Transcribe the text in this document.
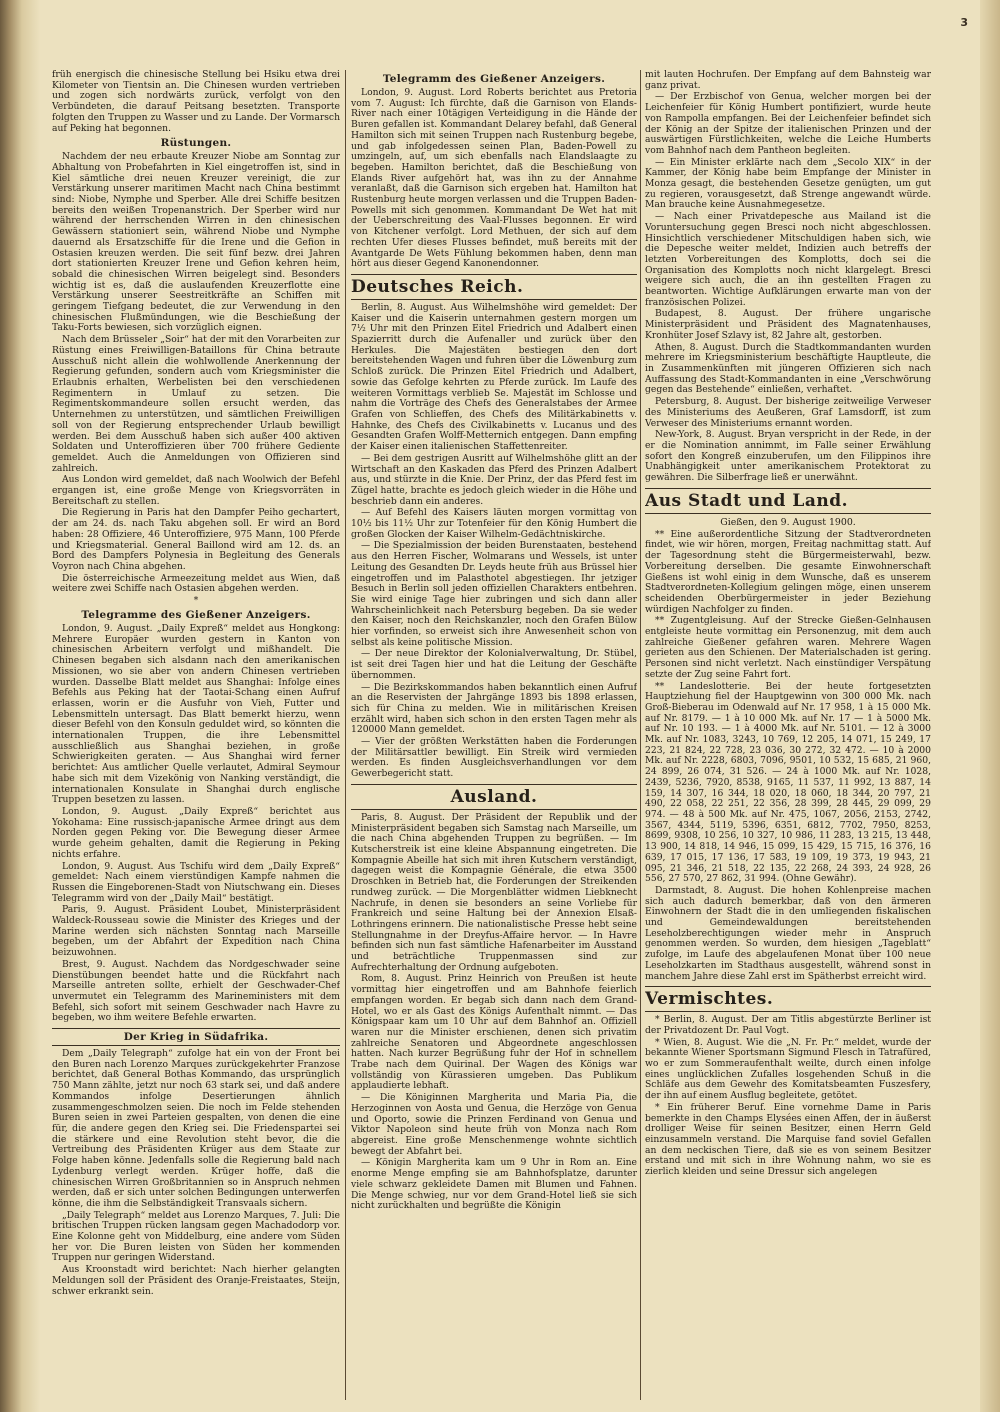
3

früh energisch die chinesische Stellung bei Hsiku etwa drei Kilometer von Tientsin an. Die Chinesen wurden vertrieben und zogen sich nordwärts zurück, verfolgt von den Verbündeten, die darauf Peitsang besetzten. Transporte folgten den Truppen zu Wasser und zu Lande. Der Vormarsch auf Peking hat begonnen.

Rüstungen.

Nachdem der neu erbaute Kreuzer Niobe am Sonntag zur Abhaltung von Probefahrten in Kiel eingetroffen ist, sind in Kiel sämtliche drei neuen Kreuzer vereinigt, die zur Verstärkung unserer maritimen Macht nach China bestimmt sind: Niobe, Nymphe und Sperber. Alle drei Schiffe besitzen bereits den weißen Tropenanstrich. Der Sperber wird nur während der herrschenden Wirren in den chinesischen Gewässern stationiert sein, während Niobe und Nymphe dauernd als Ersatzschiffe für die Irene und die Gefion in Ostasien kreuzen werden. Die seit fünf bezw. drei Jahren dort stationierten Kreuzer Irene und Gefion kehren heim, sobald die chinesischen Wirren beigelegt sind. Besonders wichtig ist es, daß die auslaufenden Kreuzerflotte eine Verstärkung unserer Seestreitkräfte an Schiffen mit geringem Tiefgang bedeutet, die zur Verwendung in den chinesischen Flußmündungen, wie die Beschießung der Taku-Forts bewiesen, sich vorzüglich eignen.

Nach dem Brüsseler „Soir“ hat der mit den Vorarbeiten zur Rüstung eines Freiwilligen-Bataillons für China betraute Ausschuß nicht allein die wohlwollende Anerkennung der Regierung gefunden, sondern auch vom Kriegsminister die Erlaubnis erhalten, Werbelisten bei den verschiedenen Regimentern in Umlauf zu setzen. Die Regimentskommandeure sollen ersucht werden, das Unternehmen zu unterstützen, und sämtlichen Freiwilligen soll von der Regierung entsprechender Urlaub bewilligt werden. Bei dem Ausschuß haben sich außer 400 aktiven Soldaten und Unteroffizieren über 700 frühere Gediente gemeldet. Auch die Anmeldungen von Offizieren sind zahlreich.

Aus London wird gemeldet, daß nach Woolwich der Befehl ergangen ist, eine große Menge von Kriegsvorräten in Bereitschaft zu stellen.

Die Regierung in Paris hat den Dampfer Peiho gechartert, der am 24. ds. nach Taku abgehen soll. Er wird an Bord haben: 28 Offiziere, 46 Unteroffiziere, 975 Mann, 100 Pferde und Kriegsmaterial. General Baillond wird am 12. ds. an Bord des Dampfers Polynesia in Begleitung des Generals Voyron nach China abgehen.

Die österreichische Armeezeitung meldet aus Wien, daß weitere zwei Schiffe nach Ostasien abgehen werden.

*
Telegramme des Gießener Anzeigers.

London, 9. August. „Daily Expreß“ meldet aus Hongkong: Mehrere Europäer wurden gestern in Kanton von chinesischen Arbeitern verfolgt und mißhandelt. Die Chinesen begaben sich alsdann nach den amerikanischen Missionen, wo sie aber von andern Chinesen vertrieben wurden. Dasselbe Blatt meldet aus Shanghai: Infolge eines Befehls aus Peking hat der Taotai-Schang einen Aufruf erlassen, worin er die Ausfuhr von Vieh, Futter und Lebensmitteln untersagt. Das Blatt bemerkt hierzu, wenn dieser Befehl von den Konsuln geduldet wird, so könnten die internationalen Truppen, die ihre Lebensmittel ausschließlich aus Shanghai beziehen, in große Schwierigkeiten geraten. — Aus Shanghai wird ferner berichtet: Aus amtlicher Quelle verlautet, Admiral Seymour habe sich mit dem Vizekönig von Nanking verständigt, die internationalen Konsulate in Shanghai durch englische Truppen besetzen zu lassen.

London, 9. August. „Daily Expreß“ berichtet aus Yokohama: Eine russisch-japanische Armee dringt aus dem Norden gegen Peking vor. Die Bewegung dieser Armee wurde geheim gehalten, damit die Regierung in Peking nichts erfahre.

London, 9. August. Aus Tschifu wird dem „Daily Expreß“ gemeldet: Nach einem vierstündigen Kampfe nahmen die Russen die Eingeborenen-Stadt von Niutschwang ein. Dieses Telegramm wird von der „Daily Mail“ bestätigt.

Paris, 9. August. Präsident Loubet, Ministerpräsident Waldeck-Rousseau sowie die Minister des Krieges und der Marine werden sich nächsten Sonntag nach Marseille begeben, um der Abfahrt der Expedition nach China beizuwohnen.

Brest, 9. August. Nachdem das Nordgeschwader seine Dienstübungen beendet hatte und die Rückfahrt nach Marseille antreten sollte, erhielt der Geschwader-Chef unvermutet ein Telegramm des Marineministers mit dem Befehl, sich sofort mit seinem Geschwader nach Havre zu begeben, wo ihm weitere Befehle erwarten.

Der Krieg in Südafrika.

Dem „Daily Telegraph“ zufolge hat ein von der Front bei den Buren nach Lorenzo Marques zurückgekehrter Franzose berichtet, daß General Bothas Kommando, das ursprünglich 750 Mann zählte, jetzt nur noch 63 stark sei, und daß andere Kommandos infolge Desertierungen ähnlich zusammengeschmolzen seien. Die noch im Felde stehenden Buren seien in zwei Parteien gespalten, von denen die eine für, die andere gegen den Krieg sei. Die Friedenspartei sei die stärkere und eine Revolution steht bevor, die die Vertreibung des Präsidenten Krüger aus dem Staate zur Folge haben könne. Jedenfalls solle die Regierung bald nach Lydenburg verlegt werden. Krüger hoffe, daß die chinesischen Wirren Großbritannien so in Anspruch nehmen werden, daß er sich unter solchen Bedingungen unterwerfen könne, die ihm die Selbständigkeit Transvaals sichern.

„Daily Telegraph“ meldet aus Lorenzo Marques, 7. Juli: Die britischen Truppen rücken langsam gegen Machadodorp vor. Eine Kolonne geht von Middelburg, eine andere vom Süden her vor. Die Buren leisten von Süden her kommenden Truppen nur geringen Widerstand.

Aus Kroonstadt wird berichtet: Nach hierher gelangten Meldungen soll der Präsident des Oranje-Freistaates, Steijn, schwer erkrankt sein.

Telegramm des Gießener Anzeigers.

London, 9. August. Lord Roberts berichtet aus Pretoria vom 7. August: Ich fürchte, daß die Garnison von Elands-River nach einer 10tägigen Verteidigung in die Hände der Buren gefallen ist. Kommandant Delarey befahl, daß General Hamilton sich mit seinen Truppen nach Rustenburg begebe, und gab infolgedessen seinen Plan, Baden-Powell zu umzingeln, auf, um sich ebenfalls nach Elandslaagte zu begeben. Hamilton berichtet, daß die Beschießung von Elands River aufgehört hat, was ihn zu der Annahme veranlaßt, daß die Garnison sich ergeben hat. Hamilton hat Rustenburg heute morgen verlassen und die Truppen Baden-Powells mit sich genommen. Kommandant De Wet hat mit der Ueberschreitung des Vaal-Flusses begonnen. Er wird von Kitchener verfolgt. Lord Methuen, der sich auf dem rechten Ufer dieses Flusses befindet, muß bereits mit der Avantgarde De Wets Fühlung bekommen haben, denn man hört aus dieser Gegend Kanonendonner.

Deutsches Reich.

Berlin, 8. August. Aus Wilhelmshöhe wird gemeldet: Der Kaiser und die Kaiserin unternahmen gestern morgen um 7½ Uhr mit den Prinzen Eitel Friedrich und Adalbert einen Spazierritt durch die Aufenaller und zurück über den Herkules. Die Majestäten bestiegen den dort bereitstehenden Wagen und fuhren über die Löwenburg zum Schloß zurück. Die Prinzen Eitel Friedrich und Adalbert, sowie das Gefolge kehrten zu Pferde zurück. Im Laufe des weiteren Vormittags verblieb Se. Majestät im Schlosse und nahm die Vorträge des Chefs des Generalstabes der Armee Grafen von Schlieffen, des Chefs des Militärkabinetts v. Hahnke, des Chefs des Civilkabinetts v. Lucanus und des Gesandten Grafen Wolff-Metternich entgegen. Dann empfing der Kaiser einen italienischen Staffettenreiter.

— Bei dem gestrigen Ausritt auf Wilhelmshöhe glitt an der Wirtschaft an den Kaskaden das Pferd des Prinzen Adalbert aus, und stürzte in die Knie. Der Prinz, der das Pferd fest im Zügel hatte, brachte es jedoch gleich wieder in die Höhe und beschrieb dann ein anderes.

— Auf Befehl des Kaisers läuten morgen vormittag von 10½ bis 11½ Uhr zur Totenfeier für den König Humbert die großen Glocken der Kaiser Wilhelm-Gedächtniskirche.

— Die Spezialmission der beiden Burenstaaten, bestehend aus den Herren Fischer, Wolmarans und Wessels, ist unter Leitung des Gesandten Dr. Leyds heute früh aus Brüssel hier eingetroffen und im Palasthotel abgestiegen. Ihr jetziger Besuch in Berlin soll jeden offiziellen Charakters entbehren. Sie wird einige Tage hier zubringen und sich dann aller Wahrscheinlichkeit nach Petersburg begeben. Da sie weder den Kaiser, noch den Reichskanzler, noch den Grafen Bülow hier vorfinden, so erweist sich ihre Anwesenheit schon von selbst als keine politische Mission.

— Der neue Direktor der Kolonialverwaltung, Dr. Stübel, ist seit drei Tagen hier und hat die Leitung der Geschäfte übernommen.

— Die Bezirkskommandos haben bekanntlich einen Aufruf an die Reservisten der Jahrgänge 1893 bis 1898 erlassen, sich für China zu melden. Wie in militärischen Kreisen erzählt wird, haben sich schon in den ersten Tagen mehr als 120000 Mann gemeldet.

— Vier der größten Werkstätten haben die Forderungen der Militärsattler bewilligt. Ein Streik wird vermieden werden. Es finden Ausgleichsverhandlungen vor dem Gewerbegericht statt.

Ausland.

Paris, 8. August. Der Präsident der Republik und der Ministerpräsident begaben sich Samstag nach Marseille, um die nach China abgehenden Truppen zu begrüßen. — Im Kutscherstreik ist eine kleine Abspannung eingetreten. Die Kompagnie Abeille hat sich mit ihren Kutschern verständigt, dagegen weist die Kompagnie Générale, die etwa 3500 Droschken in Betrieb hat, die Forderungen der Streikenden rundweg zurück. — Die Morgenblätter widmen Liebknecht Nachrufe, in denen sie besonders an seine Vorliebe für Frankreich und seine Haltung bei der Annexion Elsaß-Lothringens erinnern. Die nationalistische Presse hebt seine Stellungnahme in der Dreyfus-Affaire hervor. — In Havre befinden sich nun fast sämtliche Hafenarbeiter im Ausstand und beträchtliche Truppenmassen sind zur Aufrechterhaltung der Ordnung aufgeboten.

Rom, 8. August. Prinz Heinrich von Preußen ist heute vormittag hier eingetroffen und am Bahnhofe feierlich empfangen worden. Er begab sich dann nach dem Grand-Hotel, wo er als Gast des Königs Aufenthalt nimmt. — Das Königspaar kam um 10 Uhr auf dem Bahnhof an. Offiziell waren nur die Minister erschienen, denen sich privatim zahlreiche Senatoren und Abgeordnete angeschlossen hatten. Nach kurzer Begrüßung fuhr der Hof in schnellem Trabe nach dem Quirinal. Der Wagen des Königs war vollständig von Kürassieren umgeben. Das Publikum applaudierte lebhaft.

— Die Königinnen Margherita und Maria Pia, die Herzoginnen von Aosta und Genua, die Herzöge von Genua und Oporto, sowie die Prinzen Ferdinand von Genua und Viktor Napoleon sind heute früh von Monza nach Rom abgereist. Eine große Menschenmenge wohnte sichtlich bewegt der Abfahrt bei.

— Königin Margherita kam um 9 Uhr in Rom an. Eine enorme Menge empfing sie am Bahnhofsplatze, darunter viele schwarz gekleidete Damen mit Blumen und Fahnen. Die Menge schwieg, nur vor dem Grand-Hotel ließ sie sich nicht zurückhalten und begrüßte die Königin

mit lauten Hochrufen. Der Empfang auf dem Bahnsteig war ganz privat.

— Der Erzbischof von Genua, welcher morgen bei der Leichenfeier für König Humbert pontifiziert, wurde heute von Rampolla empfangen. Bei der Leichenfeier befindet sich der König an der Spitze der italienischen Prinzen und der auswärtigen Fürstlichkeiten, welche die Leiche Humberts vom Bahnhof nach dem Pantheon begleiten.

— Ein Minister erklärte nach dem „Secolo XIX“ in der Kammer, der König habe beim Empfange der Minister in Monza gesagt, die bestehenden Gesetze genügten, um gut zu regieren, vorausgesetzt, daß Strenge angewandt würde. Man brauche keine Ausnahmegesetze.

— Nach einer Privatdepesche aus Mailand ist die Voruntersuchung gegen Bresci noch nicht abgeschlossen. Hinsichtlich verschiedener Mitschuldigen haben sich, wie die Depesche weiter meldet, Indizien auch betreffs der letzten Vorbereitungen des Komplotts, doch sei die Organisation des Komplotts noch nicht klargelegt. Bresci weigere sich auch, die an ihn gestellten Fragen zu beantworten. Wichtige Aufklärungen erwarte man von der französischen Polizei.

Budapest, 8. August. Der frühere ungarische Ministerpräsident und Präsident des Magnatenhauses, Kronhüter Josef Szlavy ist, 82 Jahre alt, gestorben.

Athen, 8. August. Durch die Stadtkommandanten wurden mehrere im Kriegsministerium beschäftigte Hauptleute, die in Zusammenkünften mit jüngeren Offizieren sich nach Auffassung des Stadt-Kommandanten in eine „Verschwörung gegen das Bestehende“ einließen, verhaftet.

Petersburg, 8. August. Der bisherige zeitweilige Verweser des Ministeriums des Aeußeren, Graf Lamsdorff, ist zum Verweser des Ministeriums ernannt worden.

New-York, 8. August. Bryan verspricht in der Rede, in der er die Nomination annimmt, im Falle seiner Erwählung sofort den Kongreß einzuberufen, um den Filippinos ihre Unabhängigkeit unter amerikanischem Protektorat zu gewähren. Die Silberfrage ließ er unerwähnt.

Aus Stadt und Land.
Gießen, den 9. August 1900.

** Eine außerordentliche Sitzung der Stadtverordneten findet, wie wir hören, morgen, Freitag nachmittag statt. Auf der Tagesordnung steht die Bürgermeisterwahl, bezw. Vorbereitung derselben. Die gesamte Einwohnerschaft Gießens ist wohl einig in dem Wunsche, daß es unserem Stadtverordneten-Kollegium gelingen möge, einen unserem scheidenden Oberbürgermeister in jeder Beziehung würdigen Nachfolger zu finden.

** Zugentgleisung. Auf der Strecke Gießen-Gelnhausen entgleiste heute vormittag ein Personenzug, mit dem auch zahlreiche Gießener gefahren waren. Mehrere Wagen gerieten aus den Schienen. Der Materialschaden ist gering. Personen sind nicht verletzt. Nach einstündiger Verspätung setzte der Zug seine Fahrt fort.

** Landeslotterie. Bei der heute fortgesetzten Hauptziehung fiel der Hauptgewinn von 300 000 Mk. nach Groß-Bieberau im Odenwald auf Nr. 17 958, 1 à 15 000 Mk. auf Nr. 8179. — 1 à 10 000 Mk. auf Nr. 17 — 1 à 5000 Mk. auf Nr. 10 193. — 1 à 4000 Mk. auf Nr. 5101. — 12 à 3000 Mk. auf Nr. 1083, 3243, 10 769, 12 205, 14 071, 15 249, 17 223, 21 824, 22 728, 23 036, 30 272, 32 472. — 10 à 2000 Mk. auf Nr. 2228, 6803, 7096, 9501, 10 532, 15 685, 21 960, 24 899, 26 074, 31 526. — 24 à 1000 Mk. auf Nr. 1028, 2439, 5236, 7920, 8538, 9165, 11 537, 11 992, 13 887, 14 159, 14 307, 16 344, 18 020, 18 060, 18 344, 20 797, 21 490, 22 058, 22 251, 22 356, 28 399, 28 445, 29 099, 29 974. — 48 à 500 Mk. auf Nr. 475, 1067, 2056, 2153, 2742, 3567, 4344, 5119, 5396, 6351, 6812, 7702, 7950, 8253, 8699, 9308, 10 256, 10 327, 10 986, 11 283, 13 215, 13 448, 13 900, 14 818, 14 946, 15 099, 15 429, 15 715, 16 376, 16 639, 17 015, 17 136, 17 583, 19 109, 19 373, 19 943, 21 095, 21 346, 21 518, 22 135, 22 268, 24 393, 24 928, 26 556, 27 570, 27 862, 31 994. (Ohne Gewähr).

Darmstadt, 8. August. Die hohen Kohlenpreise machen sich auch dadurch bemerkbar, daß von den ärmeren Einwohnern der Stadt die in den umliegenden fiskalischen und Gemeindewaldungen bereitstehenden Leseholzberechtigungen wieder mehr in Anspruch genommen werden. So wurden, dem hiesigen „Tageblatt“ zufolge, im Laufe des abgelaufenen Monat über 100 neue Leseholzkarten im Stadthaus ausgestellt, während sonst in manchem Jahre diese Zahl erst im Spätherbst erreicht wird.

Vermischtes.

* Berlin, 8. August. Der am Titlis abgestürzte Berliner ist der Privatdozent Dr. Paul Vogt.

* Wien, 8. August. Wie die „N. Fr. Pr.“ meldet, wurde der bekannte Wiener Sportsmann Sigmund Flesch in Tatrafüred, wo er zum Sommeraufenthalt weilte, durch einen infolge eines unglücklichen Zufalles losgehenden Schuß in die Schläfe aus dem Gewehr des Komitatsbeamten Fuszesfery, der ihn auf einem Ausflug begleitete, getötet.

* Ein früherer Beruf. Eine vornehme Dame in Paris bemerkte in den Champs Elysées einen Affen, der in äußerst drolliger Weise für seinen Besitzer, einen Herrn Geld einzusammeln verstand. Die Marquise fand soviel Gefallen an dem neckischen Tiere, daß sie es von seinem Besitzer erstand und mit sich in ihre Wohnung nahm, wo sie es zierlich kleiden und seine Dressur sich angelegen
